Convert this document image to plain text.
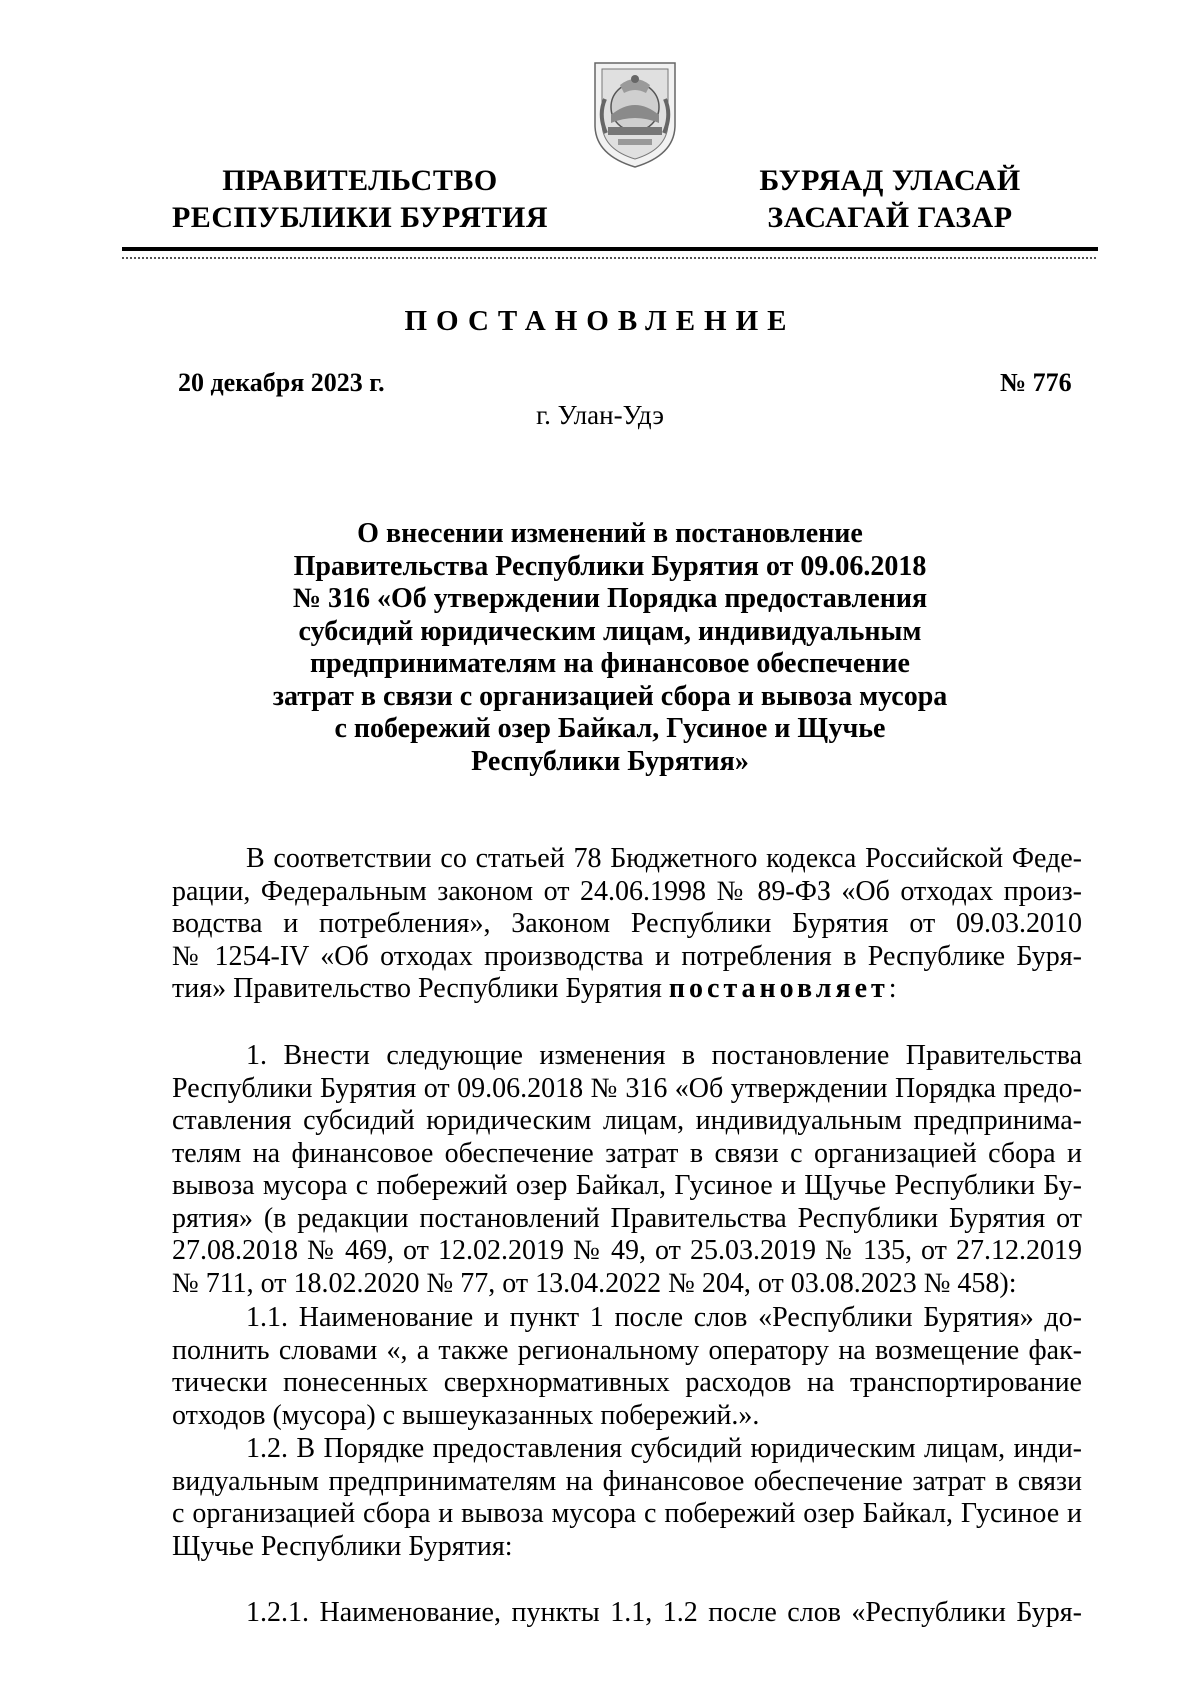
ПРАВИТЕЛЬСТВО
РЕСПУБЛИКИ БУРЯТИЯ
БУРЯАД УЛАСАЙ
ЗАСАГАЙ ГАЗАР
ПОСТАНОВЛЕНИЕ
20 декабря 2023 г.	№ 776
г. Улан-Удэ
О внесении изменений в постановление
Правительства Республики Бурятия от 09.06.2018
№ 316 «Об утверждении Порядка предоставления
субсидий юридическим лицам, индивидуальным
предпринимателям на финансовое обеспечение
затрат в связи с организацией сбора и вывоза мусора
с побережий озер Байкал, Гусиное и Щучье
Республики Бурятия»
В соответствии со статьей 78 Бюджетного кодекса Российской Феде-
рации, Федеральным законом от 24.06.1998 № 89-ФЗ «Об отходах произ-
водства и потребления», Законом Республики Бурятия от 09.03.2010
№ 1254-IV «Об отходах производства и потребления в Республике Буря-
тия» Правительство Республики Бурятия постановляет:
1. Внести следующие изменения в постановление Правительства
Республики Бурятия от 09.06.2018 № 316 «Об утверждении Порядка предо-
ставления субсидий юридическим лицам, индивидуальным предпринима-
телям на финансовое обеспечение затрат в связи с организацией сбора и
вывоза мусора с побережий озер Байкал, Гусиное и Щучье Республики Бу-
рятия» (в редакции постановлений Правительства Республики Бурятия от
27.08.2018 № 469, от 12.02.2019 № 49, от 25.03.2019 № 135, от 27.12.2019
№ 711, от 18.02.2020 № 77, от 13.04.2022 № 204, от 03.08.2023 № 458):
1.1. Наименование и пункт 1 после слов «Республики Бурятия» до-
полнить словами «, а также региональному оператору на возмещение фак-
тически понесенных сверхнормативных расходов на транспортирование
отходов (мусора) с вышеуказанных побережий.».
1.2. В Порядке предоставления субсидий юридическим лицам, инди-
видуальным предпринимателям на финансовое обеспечение затрат в связи
с организацией сбора и вывоза мусора с побережий озер Байкал, Гусиное и
Щучье Республики Бурятия:
1.2.1. Наименование, пункты 1.1, 1.2 после слов «Республики Буря-
